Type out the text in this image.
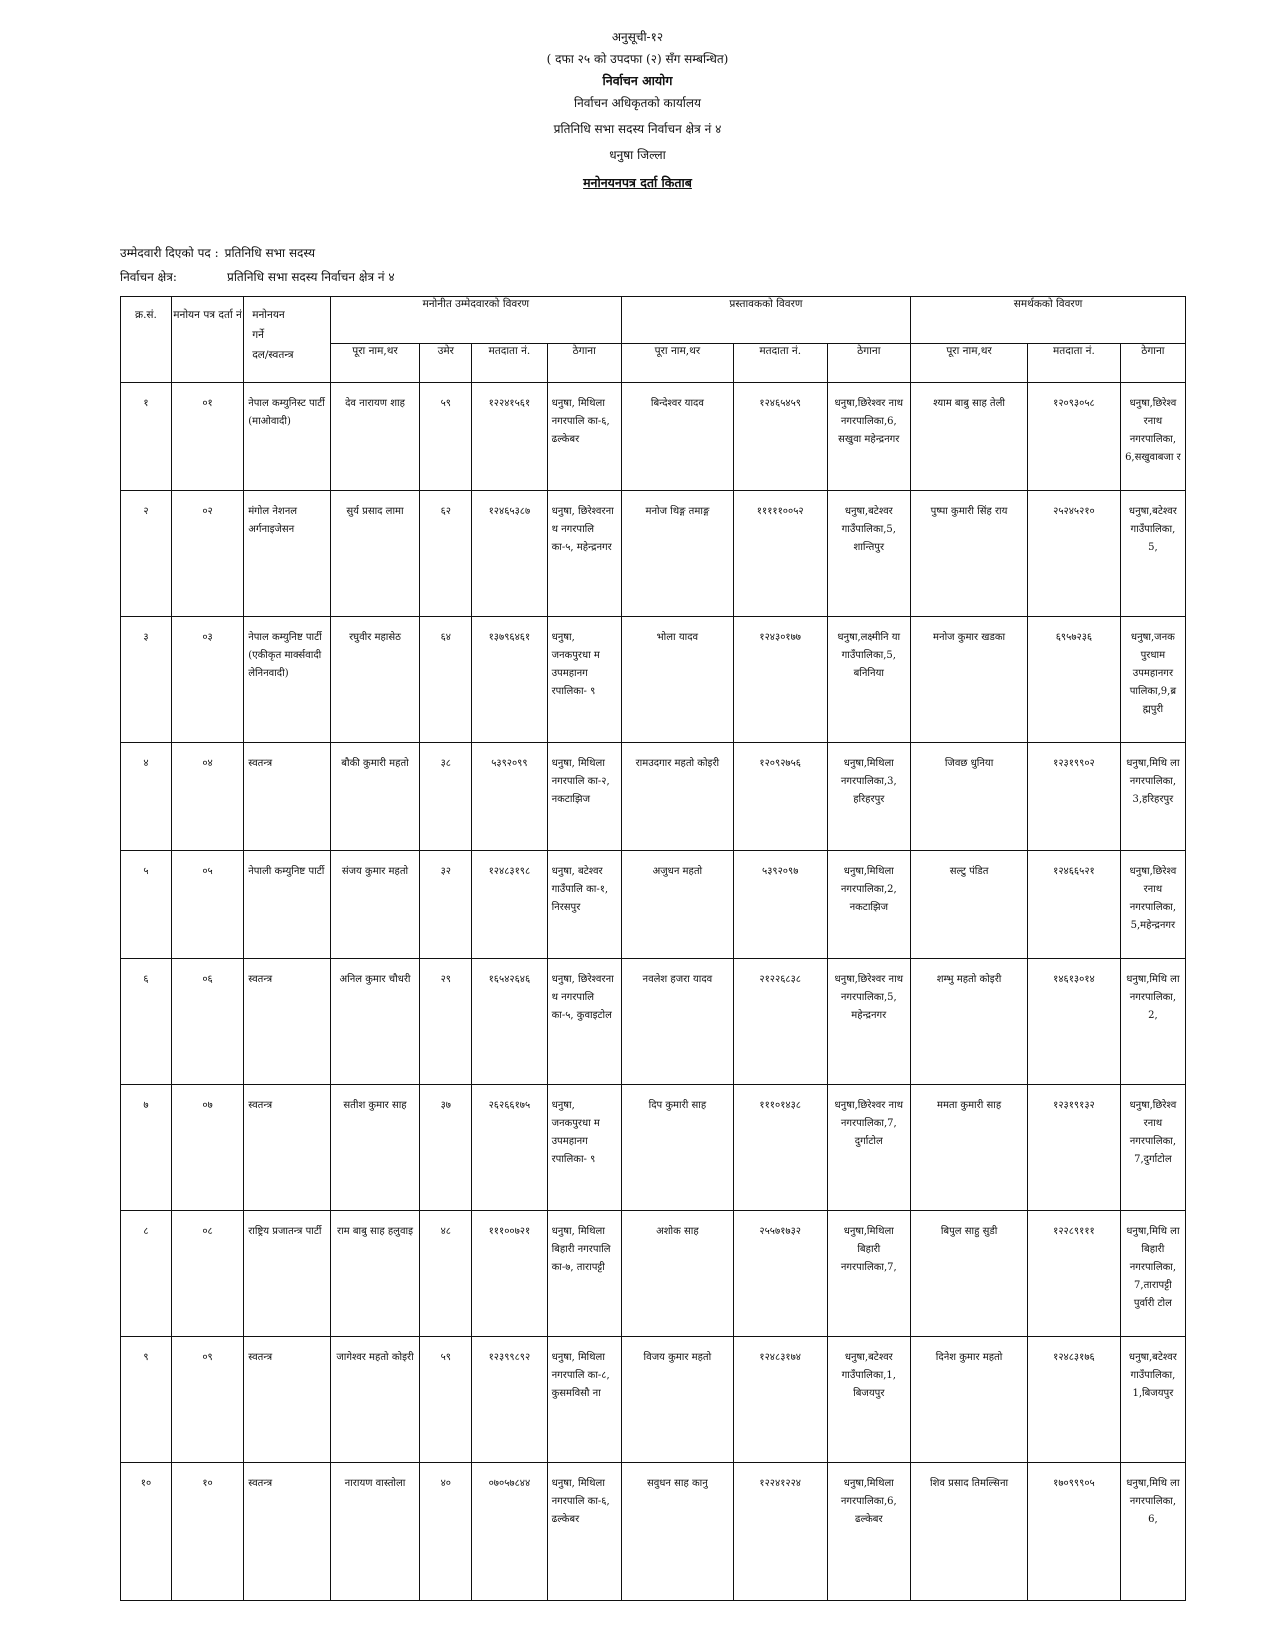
अनुसूची-१२
( दफा २५ को उपदफा (२) सँग सम्बन्धित)
निर्वाचन आयोग
निर्वाचन अधिकृतको कार्यालय
प्रतिनिधि सभा सदस्य निर्वाचन क्षेत्र नं ४
धनुषा जिल्ला
मनोनयनपत्र दर्ता किताब
उम्मेदवारी दिएको पद : प्रतिनिधि सभा सदस्य
निर्वाचन क्षेत्र:	प्रतिनिधि सभा सदस्य निर्वाचन क्षेत्र नं ४
क्र.सं.	मनोयन पत्र दर्ता नं	मनोनयन
गर्ने
दल/स्वतन्त्र	मनोनीत उम्मेदवारको विवरण				प्रस्तावकको विवरण			समर्थकको विवरण		
			पूरा नाम,थर	उमेर	मतदाता नं.	ठेगाना	पूरा नाम,थर	मतदाता नं.	ठेगाना	पूरा नाम,थर	मतदाता नं.	ठेगाना
१	०१	नेपाल कम्युनिस्ट पार्टी (माओवादी)	देव नारायण शाह	५९	१२२४१५६१	धनुषा, मिथिला नगरपालि का-६, ढल्केबर	बिन्देश्वर यादव	१२४६५४५९	धनुषा,छिरेश्वर नाथ नगरपालिका,6, सखुवा महेन्द्रनगर	श्याम बाबु साह तेली	१२०९३०५८	धनुषा,छिरेश्व रनाथ नगरपालिका, 6,सखुवाबजा र
२	०२	मंगोल नेशनल अर्गनाइजेसन	सुर्य प्रसाद लामा	६२	१२४६५३८७	धनुषा, छिरेश्वरना थ नगरपालि का-५, महेन्द्रनगर	मनोज थिङ्ग तमाङ्ग	१११११००५२	धनुषा,बटेश्वर गाउँपालिका,5, शान्तिपुर	पुष्पा कुमारी सिंह राय	२५२४५२१०	धनुषा,बटेश्वर गाउँपालिका, 5,
३	०३	नेपाल कम्युनिष्ट पार्टी (एकीकृत मार्क्सवादी लेनिनवादी)	रघुवीर महासेठ	६४	१३७९६४६१	धनुषा, जनकपुरधा म उपमहानग रपालिका- ९	भोला यादव	१२४३०१७७	धनुषा,लक्ष्मीनि या गाउँपालिका,5, बनिनिया	मनोज कुमार खडका	६९५७२३६	धनुषा,जनक पुरधाम उपमहानगर पालिका,9,ब्र ह्मपुरी
४	०४	स्वतन्त्र	बौकी कुमारी महतो	३८	५३९२०९९	धनुषा, मिथिला नगरपालि का-२, नकटाझिज	रामउदगार महतो कोइरी	१२०९२७५६	धनुषा,मिथिला नगरपालिका,3, हरिहरपुर	जिवछ धुनिया	१२३१९९०२	धनुषा,मिथि ला नगरपालिका, 3,हरिहरपुर
५	०५	नेपाली कम्युनिष्ट पार्टी	संजय कुमार महतो	३२	१२४८३१९८	धनुषा, बटेश्वर गाउँपालि का-१, निरसपुर	अजुधन महतो	५३९२०९७	धनुषा,मिथिला नगरपालिका,2, नकटाझिज	सल्टु पंडित	१२४६६५२१	धनुषा,छिरेश्व रनाथ नगरपालिका, 5,महेन्द्रनगर
६	०६	स्वतन्त्र	अनिल कुमार चौधरी	२९	१६५४२६४६	धनुषा, छिरेश्वरना थ नगरपालि का-५, कुवाइटोल	नवलेश हजरा यादव	२१२२६८३८	धनुषा,छिरेश्वर नाथ नगरपालिका,5, महेन्द्रनगर	शम्भु महतो कोइरी	१४६१३०१४	धनुषा,मिथि ला नगरपालिका, 2,
७	०७	स्वतन्त्र	सतीश कुमार साह	३७	२६२६६१७५	धनुषा, जनकपुरधा म उपमहानग रपालिका- ९	दिप कुमारी साह	१११०१४३८	धनुषा,छिरेश्वर नाथ नगरपालिका,7, दुर्गाटोल	ममता कुमारी साह	१२३१९१३२	धनुषा,छिरेश्व रनाथ नगरपालिका, 7,दुर्गाटोल
८	०८	राष्ट्रिय प्रजातन्त्र पार्टी	राम बाबु साह हलुवाइ	४८	१११००७२१	धनुषा, मिथिला बिहारी नगरपालि का-७, तारापट्टी	अशोक साह	२५५७१७३२	धनुषा,मिथिला बिहारी नगरपालिका,7,	बिपुल साहु सुडी	१२२८९१११	धनुषा,मिथि ला बिहारी नगरपालिका, 7,तारापट्टी पुर्वारी टोल
९	०९	स्वतन्त्र	जागेश्वर महतो कोइरी	५९	१२३९९८९२	धनुषा, मिथिला नगरपालि का-८, कुसमविसौ ना	विजय कुमार महतो	१२४८३१७४	धनुषा,बटेश्वर गाउँपालिका,1, बिजयपुर	दिनेश कुमार महतो	१२४८३१७६	धनुषा,बटेश्वर गाउँपालिका, 1,बिजयपुर
१०	१०	स्वतन्त्र	नारायण वास्तोला	४०	०७०५७८४४	धनुषा, मिथिला नगरपालि का-६, ढल्केबर	सवुधन साह कानु	१२२४१२२४	धनुषा,मिथिला नगरपालिका,6, ढल्केबर	शिव प्रसाद तिमल्सिना	१७०९९९०५	धनुषा,मिथि ला नगरपालिका, 6,
